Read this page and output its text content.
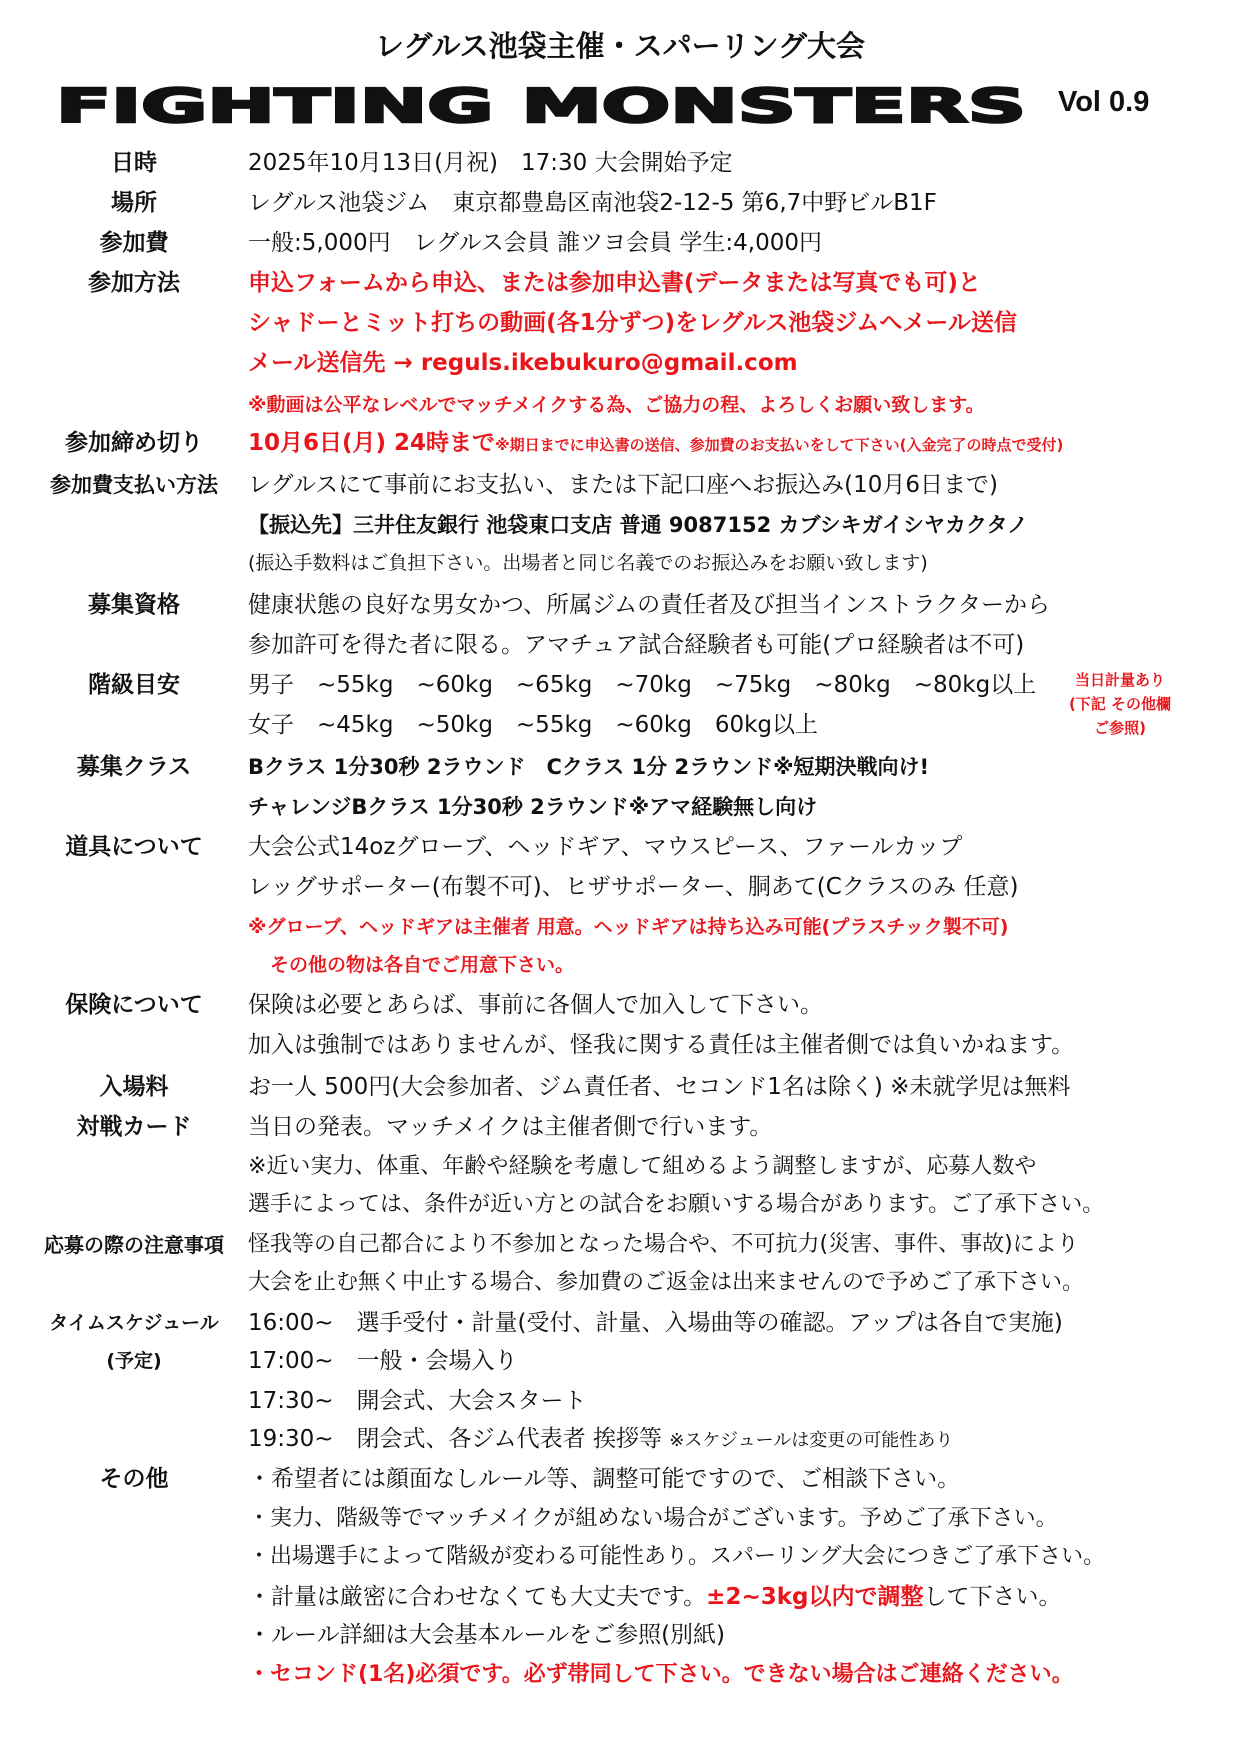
レグルス池袋主催・スパーリング大会
FIGHTING MONSTERS Vol 0.9
日時	2025年10月13日(月祝)　17:30 大会開始予定
場所	レグルス池袋ジム　東京都豊島区南池袋2-12-5 第6,7中野ビルB1F
参加費	一般:5,000円　レグルス会員 誰ツヨ会員 学生:4,000円
参加方法	申込フォームから申込、または参加申込書(データまたは写真でも可)と
シャドーとミット打ちの動画(各1分ずつ)をレグルス池袋ジムへメール送信
メール送信先 → reguls.ikebukuro@gmail.com
※動画は公平なレベルでマッチメイクする為、ご協力の程、よろしくお願い致します。
参加締め切り	10月6日(月) 24時まで※期日までに申込書の送信、参加費のお支払いをして下さい(入金完了の時点で受付)
参加費支払い方法	レグルスにて事前にお支払い、または下記口座へお振込み(10月6日まで)
【振込先】三井住友銀行 池袋東口支店 普通 9087152 カブシキガイシヤカクタノ
(振込手数料はご負担下さい。出場者と同じ名義でのお振込みをお願い致します)
募集資格	健康状態の良好な男女かつ、所属ジムの責任者及び担当インストラクターから
参加許可を得た者に限る。アマチュア試合経験者も可能(プロ経験者は不可)
階級目安	男子　~55kg　~60kg　~65kg　~70kg　~75kg　~80kg　~80kg以上
女子　~45kg　~50kg　~55kg　~60kg　60kg以上
当日計量あり
(下記 その他欄
ご参照)
募集クラス	Bクラス 1分30秒 2ラウンド　Cクラス 1分 2ラウンド※短期決戦向け!
チャレンジBクラス 1分30秒 2ラウンド※アマ経験無し向け
道具について	大会公式14ozグローブ、ヘッドギア、マウスピース、ファールカップ
レッグサポーター(布製不可)、ヒザサポーター、胴あて(Cクラスのみ 任意)
※グローブ、ヘッドギアは主催者 用意。ヘッドギアは持ち込み可能(プラスチック製不可)
その他の物は各自でご用意下さい。
保険について	保険は必要とあらば、事前に各個人で加入して下さい。
加入は強制ではありませんが、怪我に関する責任は主催者側では負いかねます。
入場料	お一人 500円(大会参加者、ジム責任者、セコンド1名は除く) ※未就学児は無料
対戦カード	当日の発表。マッチメイクは主催者側で行います。
※近い実力、体重、年齢や経験を考慮して組めるよう調整しますが、応募人数や
選手によっては、条件が近い方との試合をお願いする場合があります。ご了承下さい。
応募の際の注意事項	怪我等の自己都合により不参加となった場合や、不可抗力(災害、事件、事故)により
大会を止む無く中止する場合、参加費のご返金は出来ませんので予めご了承下さい。
タイムスケジュール	16:00~　選手受付・計量(受付、計量、入場曲等の確認。アップは各自で実施)
(予定)	17:00~　一般・会場入り
17:30~　開会式、大会スタート
19:30~　閉会式、各ジム代表者 挨拶等 ※スケジュールは変更の可能性あり
その他	・希望者には顔面なしルール等、調整可能ですので、ご相談下さい。
・実力、階級等でマッチメイクが組めない場合がございます。予めご了承下さい。
・出場選手によって階級が変わる可能性あり。スパーリング大会につきご了承下さい。
・計量は厳密に合わせなくても大丈夫です。±2~3kg以内で調整して下さい。
・ルール詳細は大会基本ルールをご参照(別紙)
・セコンド(1名)必須です。必ず帯同して下さい。できない場合はご連絡ください。
